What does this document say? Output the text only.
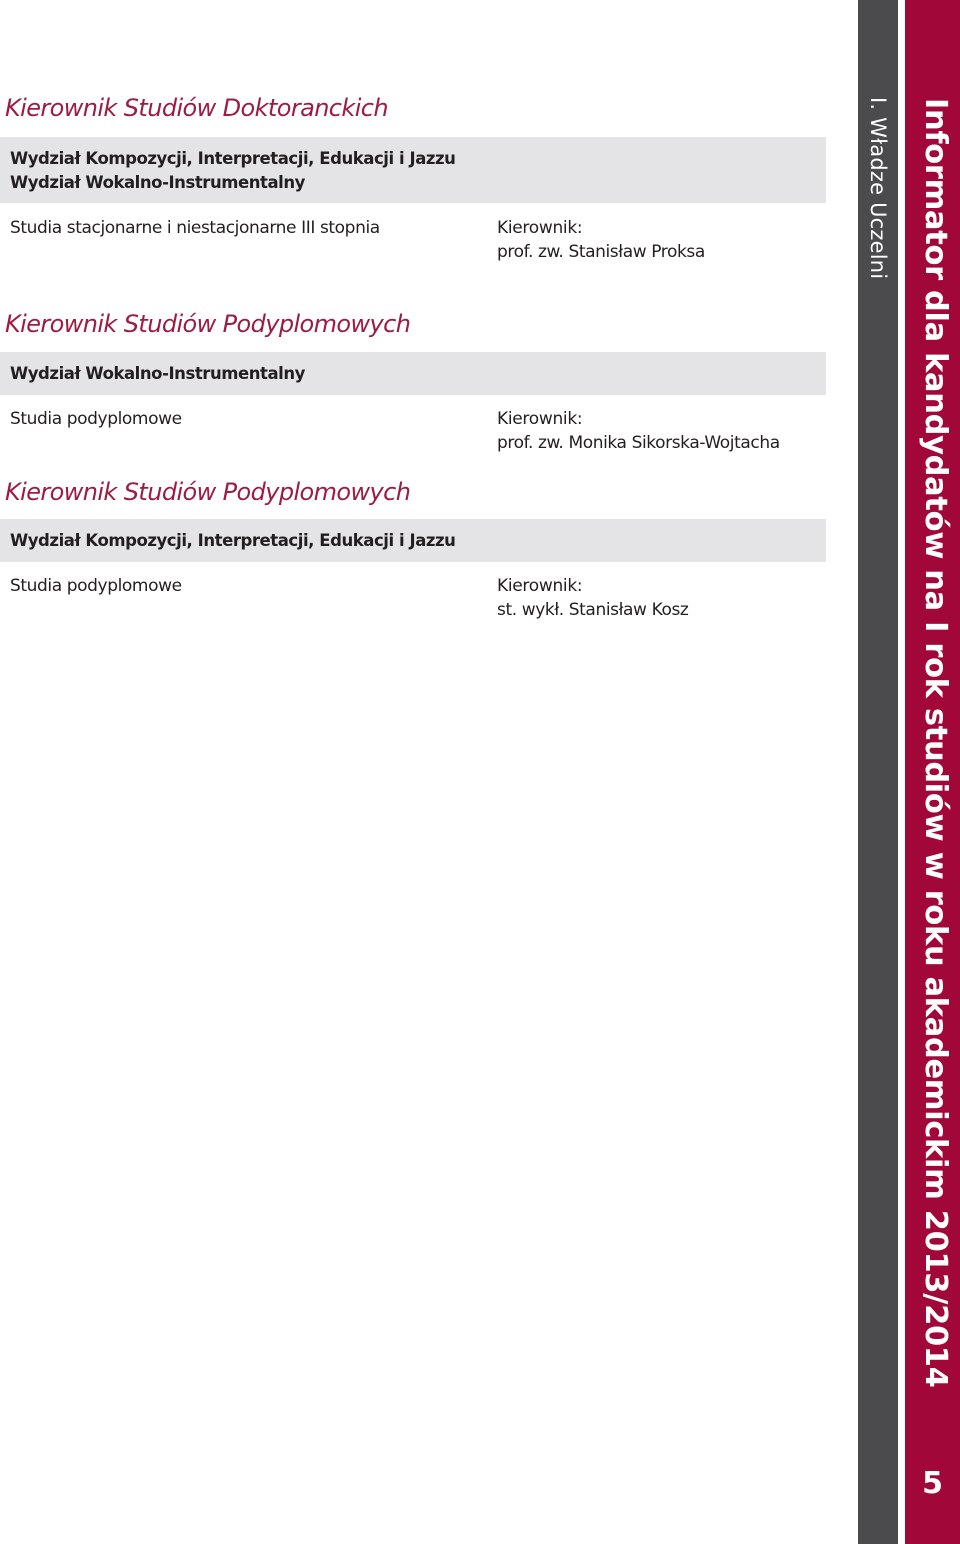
Kierownik Studiów Doktoranckich
Wydział Kompozycji, Interpretacji, Edukacji i Jazzu
Wydział Wokalno-Instrumentalny
Studia stacjonarne i niestacjonarne III stopnia	Kierownik:
prof. zw. Stanisław Proksa
Kierownik Studiów Podyplomowych
Wydział Wokalno-Instrumentalny
Studia podyplomowe	Kierownik:
prof. zw. Monika Sikorska-Wojtacha
Kierownik Studiów Podyplomowych
Wydział Kompozycji, Interpretacji, Edukacji i Jazzu
Studia podyplomowe	Kierownik:
st. wykł. Stanisław Kosz
I. Władze Uczelni Informator dla kandydatów na I rok studiów w roku akademickim 2013/2014
5
